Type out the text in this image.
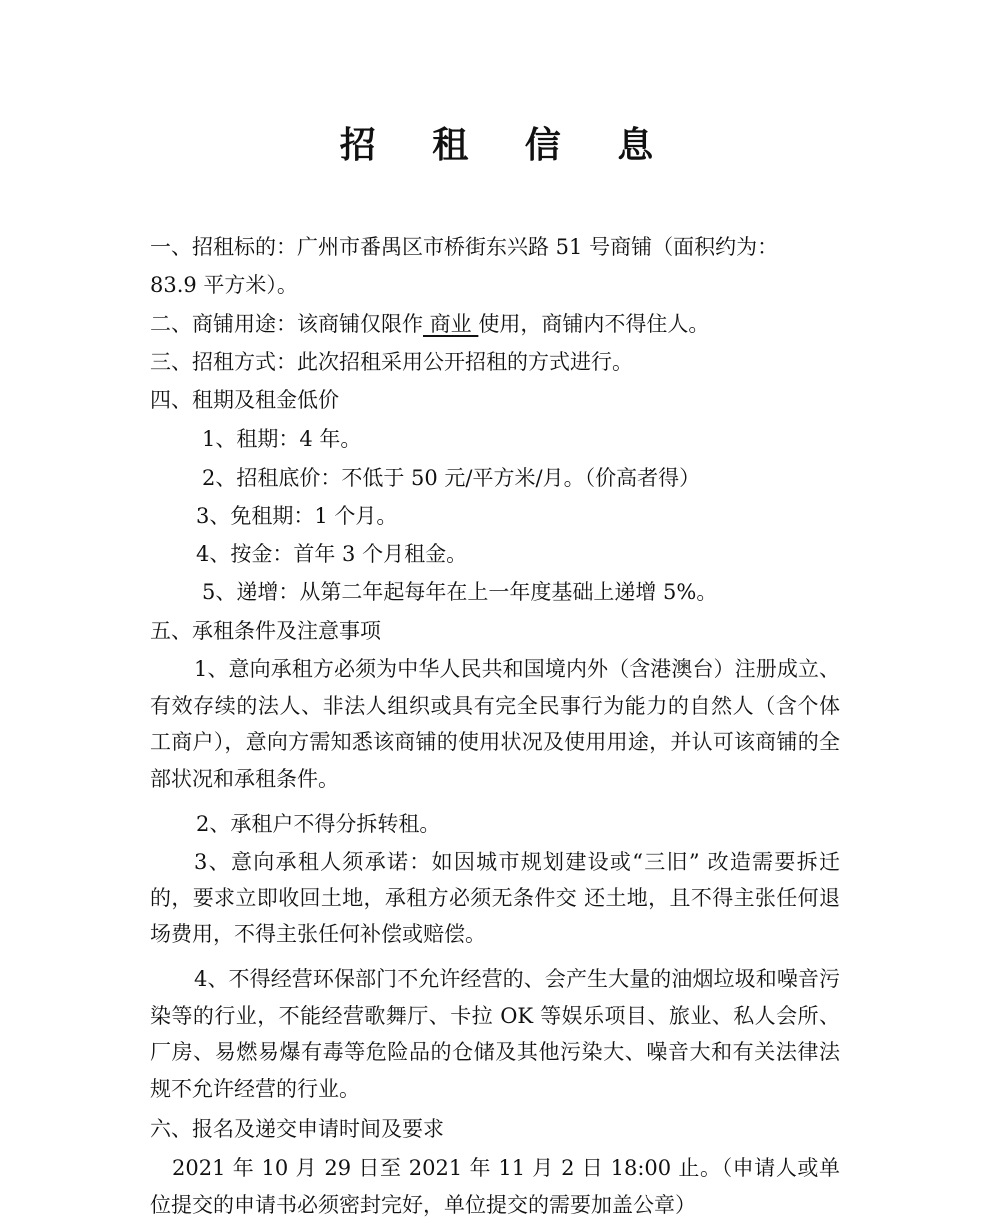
招 租 信 息
一、招租标的：广州市番禺区市桥街东兴路 51 号商铺（面积约为：
83.9 平方米）。
二、商铺用途：该商铺仅限作 商业 使用，商铺内不得住人。
三、招租方式：此次招租采用公开招租的方式进行。
四、租期及租金低价
1、租期：4 年。
2、招租底价：不低于 50 元/平方米/月。（价高者得）
3、免租期：1 个月。
4、按金：首年 3 个月租金。
5、递增：从第二年起每年在上一年度基础上递增 5%。
五、承租条件及注意事项
1、意向承租方必须为中华人民共和国境内外（含港澳台）注册成立、有效存续的法人、非法人组织或具有完全民事行为能力的自然人（含个体工商户），意向方需知悉该商铺的使用状况及使用用途，并认可该商铺的全部状况和承租条件。
2、承租户不得分拆转租。
3、意向承租人须承诺：如因城市规划建设或“三旧” 改造需要拆迁的，要求立即收回土地，承租方必须无条件交 还土地，且不得主张任何退场费用，不得主张任何补偿或赔偿。
4、不得经营环保部门不允许经营的、会产生大量的油烟垃圾和噪音污染等的行业，不能经营歌舞厅、卡拉 OK 等娱乐项目、旅业、私人会所、厂房、易燃易爆有毒等危险品的仓储及其他污染大、噪音大和有关法律法规不允许经营的行业。
六、报名及递交申请时间及要求
2021 年 10 月 29 日至 2021 年 11 月 2 日 18:00 止。（申请人或单位提交的申请书必须密封完好，单位提交的需要加盖公章）
